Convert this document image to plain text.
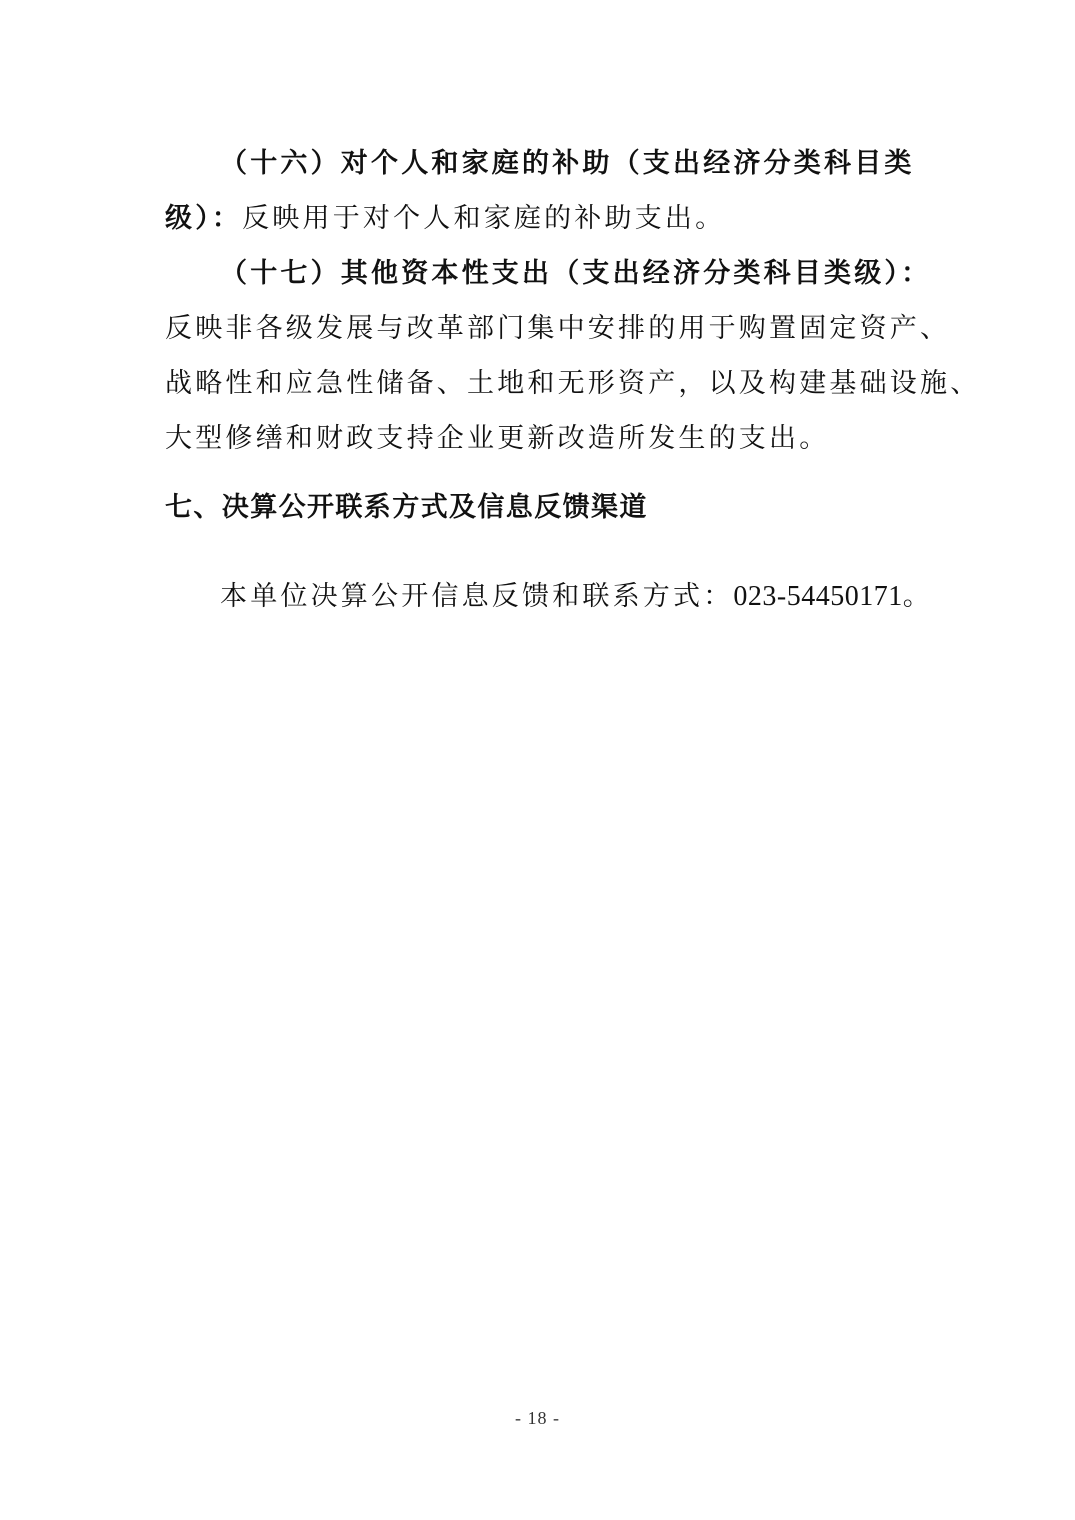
（十六）对个人和家庭的补助（支出经济分类科目类
级）：反映用于对个人和家庭的补助支出。
（十七）其他资本性支出（支出经济分类科目类级）：
反映非各级发展与改革部门集中安排的用于购置固定资产、
战略性和应急性储备、土地和无形资产，以及构建基础设施、
大型修缮和财政支持企业更新改造所发生的支出。
七、决算公开联系方式及信息反馈渠道
本单位决算公开信息反馈和联系方式：023-54450171。
- 18 -
